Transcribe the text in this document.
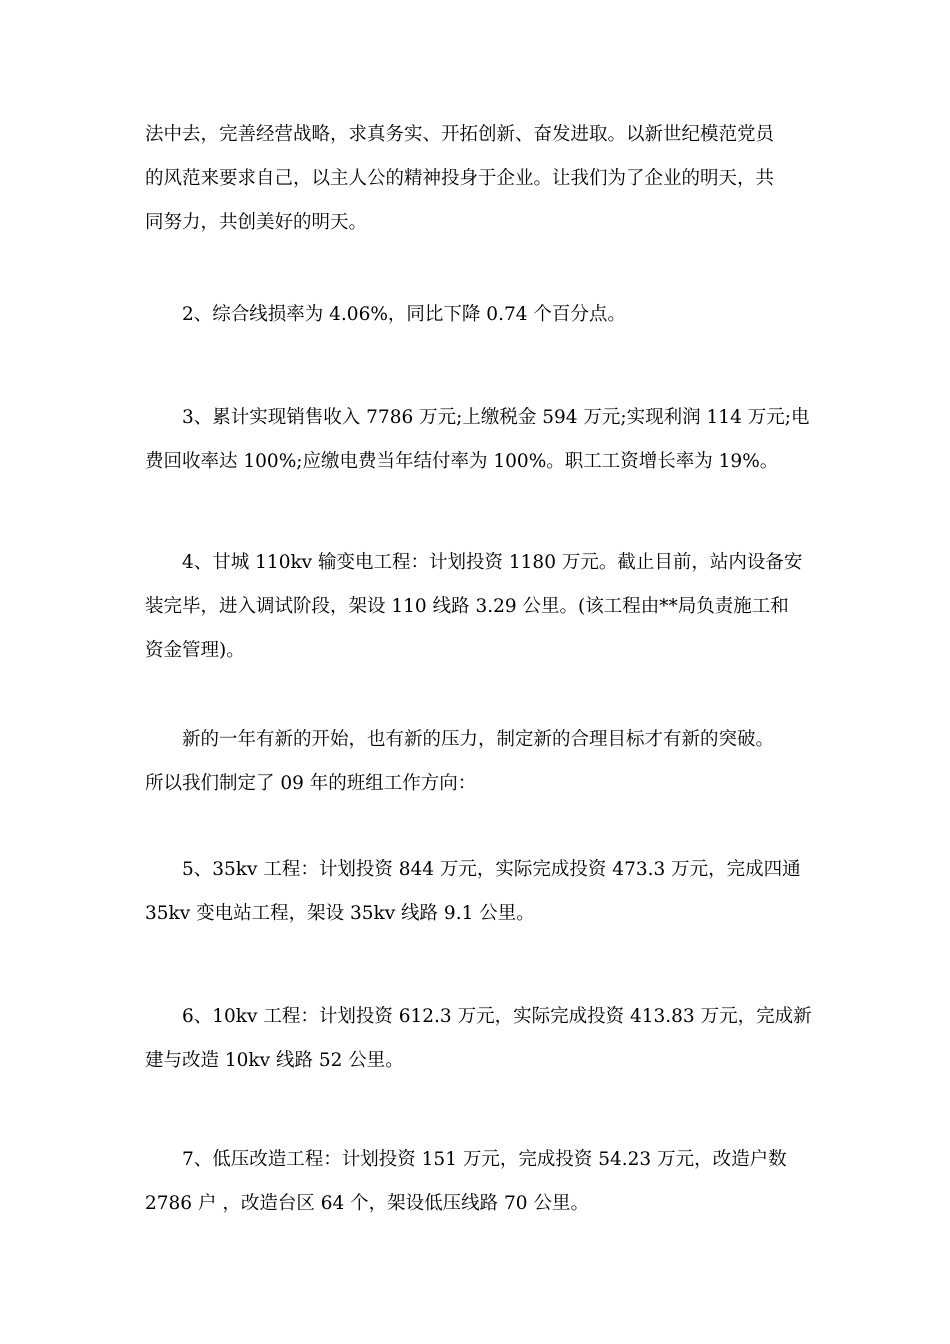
法中去，完善经营战略，求真务实、开拓创新、奋发进取。以新世纪模范党员
的风范来要求自己，以主人公的精神投身于企业。让我们为了企业的明天，共
同努力，共创美好的明天。
2、综合线损率为 4.06%，同比下降 0.74 个百分点。
3、累计实现销售收入 7786 万元;上缴税金 594 万元;实现利润 114 万元;电
费回收率达 100%;应缴电费当年结付率为 100%。职工工资增长率为 19%。
4、甘城 110kv 输变电工程：计划投资 1180 万元。截止目前，站内设备安
装完毕，进入调试阶段，架设 110 线路 3.29 公里。(该工程由**局负责施工和
资金管理)。
新的一年有新的开始，也有新的压力，制定新的合理目标才有新的突破。
所以我们制定了 09 年的班组工作方向：
5、35kv 工程：计划投资 844 万元，实际完成投资 473.3 万元，完成四通
35kv 变电站工程，架设 35kv 线路 9.1 公里。
6、10kv 工程：计划投资 612.3 万元，实际完成投资 413.83 万元，完成新
建与改造 10kv 线路 52 公里。
7、低压改造工程：计划投资 151 万元，完成投资 54.23 万元，改造户数
2786 户 ，改造台区 64 个，架设低压线路 70 公里。
